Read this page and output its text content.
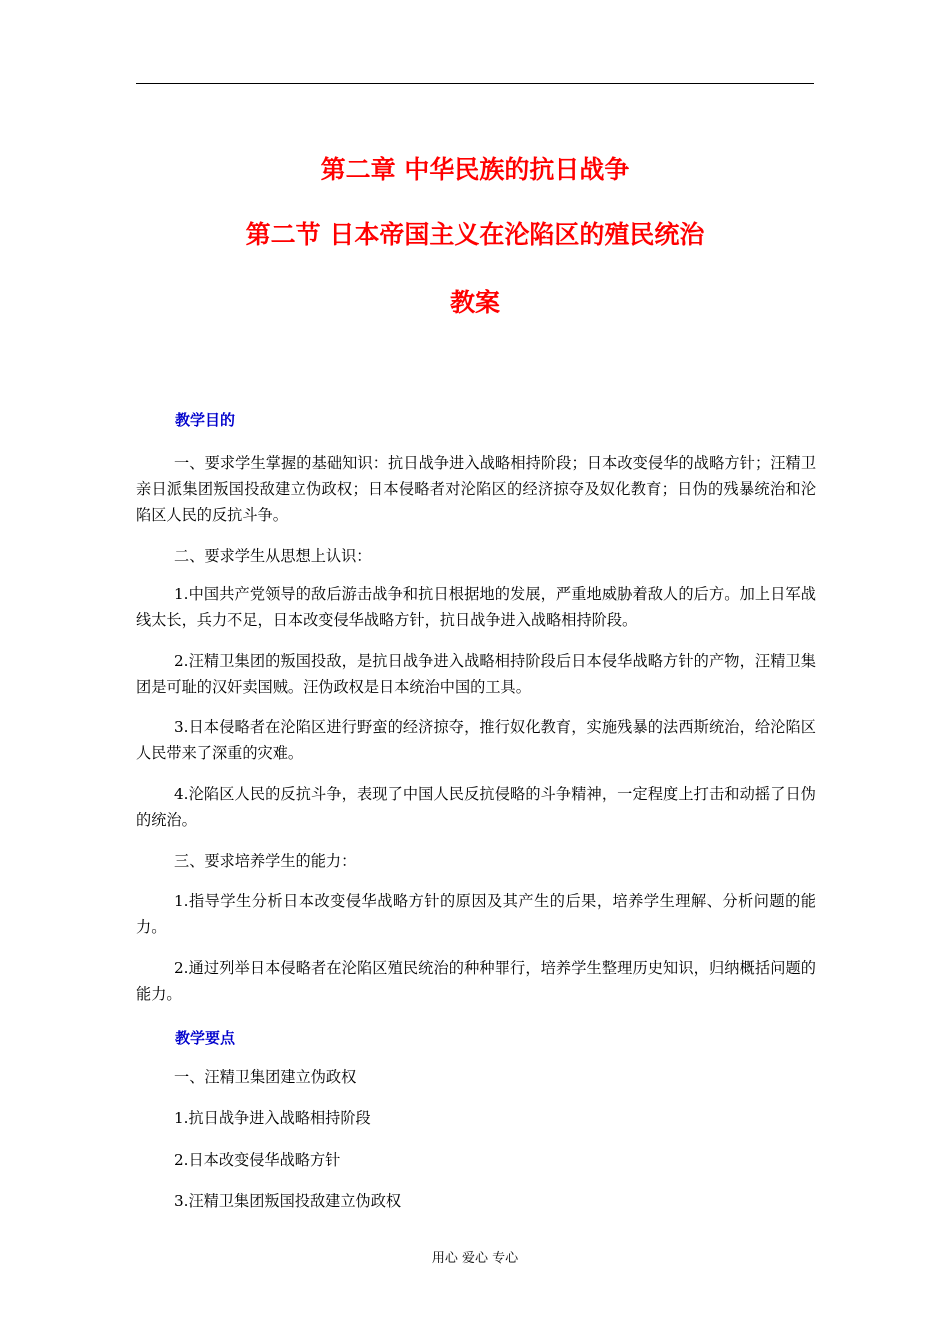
第二章 中华民族的抗日战争
第二节 日本帝国主义在沦陷区的殖民统治
教案
教学目的
一、要求学生掌握的基础知识：抗日战争进入战略相持阶段；日本改变侵华的战略方针；汪精卫亲日派集团叛国投敌建立伪政权；日本侵略者对沦陷区的经济掠夺及奴化教育；日伪的残暴统治和沦陷区人民的反抗斗争。
二、要求学生从思想上认识：
1.中国共产党领导的敌后游击战争和抗日根据地的发展，严重地威胁着敌人的后方。加上日军战线太长，兵力不足，日本改变侵华战略方针，抗日战争进入战略相持阶段。
2.汪精卫集团的叛国投敌，是抗日战争进入战略相持阶段后日本侵华战略方针的产物，汪精卫集团是可耻的汉奸卖国贼。汪伪政权是日本统治中国的工具。
3.日本侵略者在沦陷区进行野蛮的经济掠夺，推行奴化教育，实施残暴的法西斯统治，给沦陷区人民带来了深重的灾难。
4.沦陷区人民的反抗斗争，表现了中国人民反抗侵略的斗争精神，一定程度上打击和动摇了日伪的统治。
三、要求培养学生的能力：
1.指导学生分析日本改变侵华战略方针的原因及其产生的后果，培养学生理解、分析问题的能力。
2.通过列举日本侵略者在沦陷区殖民统治的种种罪行，培养学生整理历史知识，归纳概括问题的能力。
教学要点
一、汪精卫集团建立伪政权
1.抗日战争进入战略相持阶段
2.日本改变侵华战略方针
3.汪精卫集团叛国投敌建立伪政权
用心 爱心 专心
